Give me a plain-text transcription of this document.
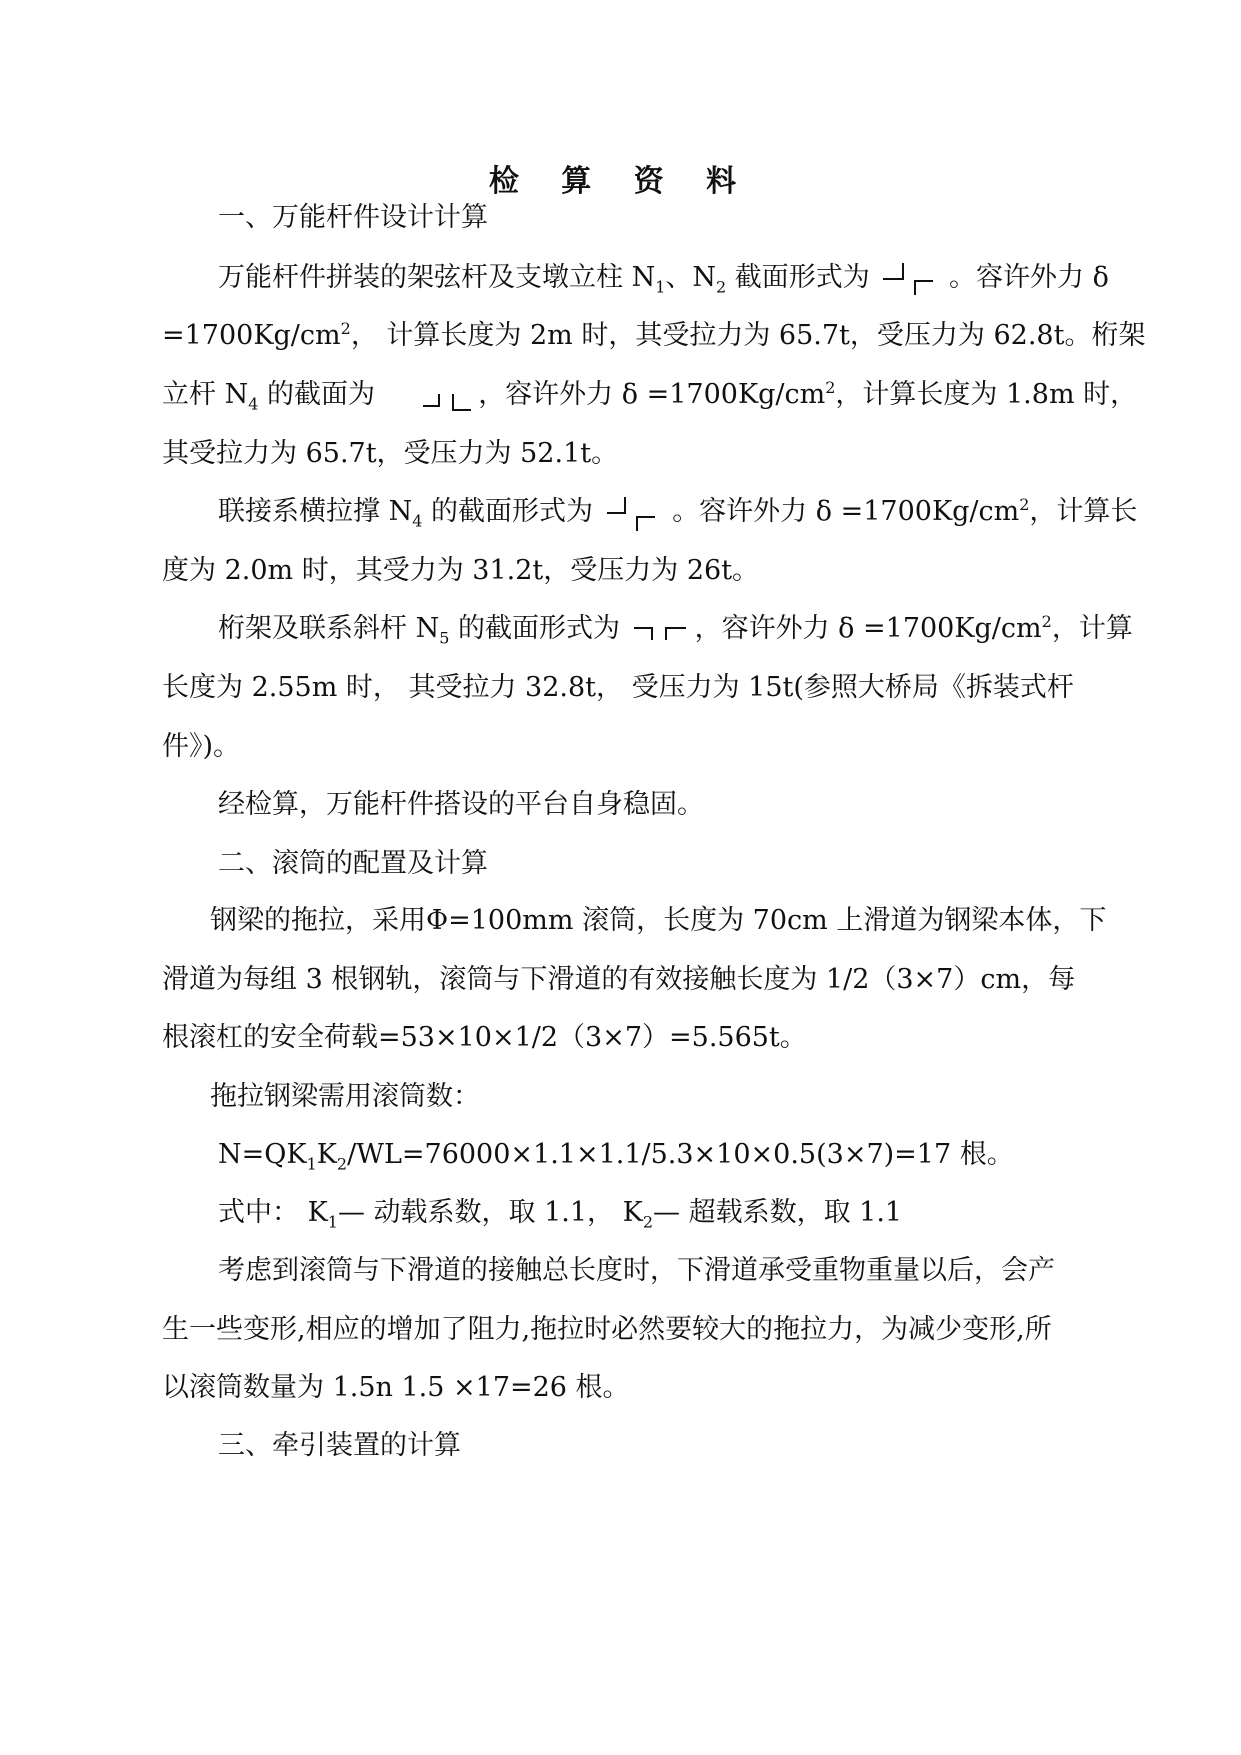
检 算 资 料
一、万能杆件设计计算
万能杆件拼装的架弦杆及支墩立柱 $N_1$、$N_2$ 截面形式为	。容许外力 δ
$=1700Kg/cm^2$， 计算长度为 2m 时，其受拉力为 65.7t，受压力为 62.8t。桁架
立杆 $N_4$ 的截面为	，容许外力 $\delta =1700Kg/cm^2$，计算长度为 1.8m 时，
其受拉力为 65.7t，受压力为 52.1t。
联接系横拉撑 $N_4$ 的截面形式为	。容许外力 $\delta =1700Kg/cm^2$，计算长
度为 2.0m 时，其受力为 31.2t，受压力为 26t。
桁架及联系斜杆 $N_5$ 的截面形式为	，容许外力 $\delta =1700Kg/cm^2$，计算
长度为 2.55m 时， 其受拉力 32.8t， 受压力为 15t(参照大桥局《拆装式杆
件》)。
经检算，万能杆件搭设的平台自身稳固。
二、滚筒的配置及计算
钢梁的拖拉，采用Φ=100mm 滚筒，长度为 70cm 上滑道为钢梁本体，下
滑道为每组 3 根钢轨，滚筒与下滑道的有效接触长度为 1/2（3×7）cm，每
根滚杠的安全荷载=53×10×1/2（3×7）=5.565t。
拖拉钢梁需用滚筒数：
$N=QK_1K_2/WL=76000\times 1.1\times 1.1/5.3\times 10\times 0.5(3\times 7)=17$ 根。
式中： $K_1—$ 动载系数，取 1.1， $K_2—$ 超载系数，取 1.1
考虑到滚筒与下滑道的接触总长度时，下滑道承受重物重量以后，会产
生一些变形,相应的增加了阻力,拖拉时必然要较大的拖拉力，为减少变形,所
以滚筒数量为 1.5n 1.5 ×17=26 根。
三、牵引装置的计算
